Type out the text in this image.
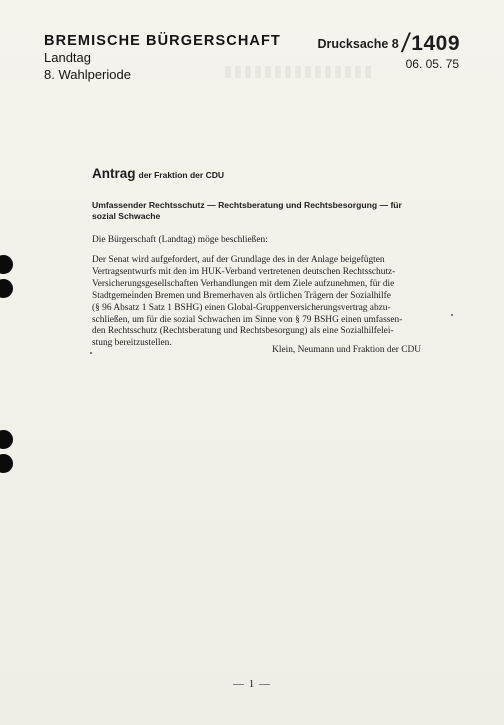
BREMISCHE BÜRGERSCHAFT
Landtag
8. Wahlperiode
Drucksache 8 / 1409
06. 05. 75
Antrag der Fraktion der CDU
Umfassender Rechtsschutz — Rechtsberatung und Rechtsbesorgung — für sozial Schwache
Die Bürgerschaft (Landtag) möge beschließen:
Der Senat wird aufgefordert, auf der Grundlage des in der Anlage beigefügten
Vertragsentwurfs mit den im HUK-Verband vertretenen deutschen Rechtsschutz-
Versicherungsgesellschaften Verhandlungen mit dem Ziele aufzunehmen, für die
Stadtgemeinden Bremen und Bremerhaven als örtlichen Trägern der Sozialhilfe
(§ 96 Absatz 1 Satz 1 BSHG) einen Global-Gruppenversicherungsvertrag abzu-
schließen, um für die sozial Schwachen im Sinne von § 79 BSHG einen umfassen-
den Rechtsschutz (Rechtsberatung und Rechtsbesorgung) als eine Sozialhilfelei-
stung bereitzustellen.
Klein, Neumann und Fraktion der CDU
— 1 —
